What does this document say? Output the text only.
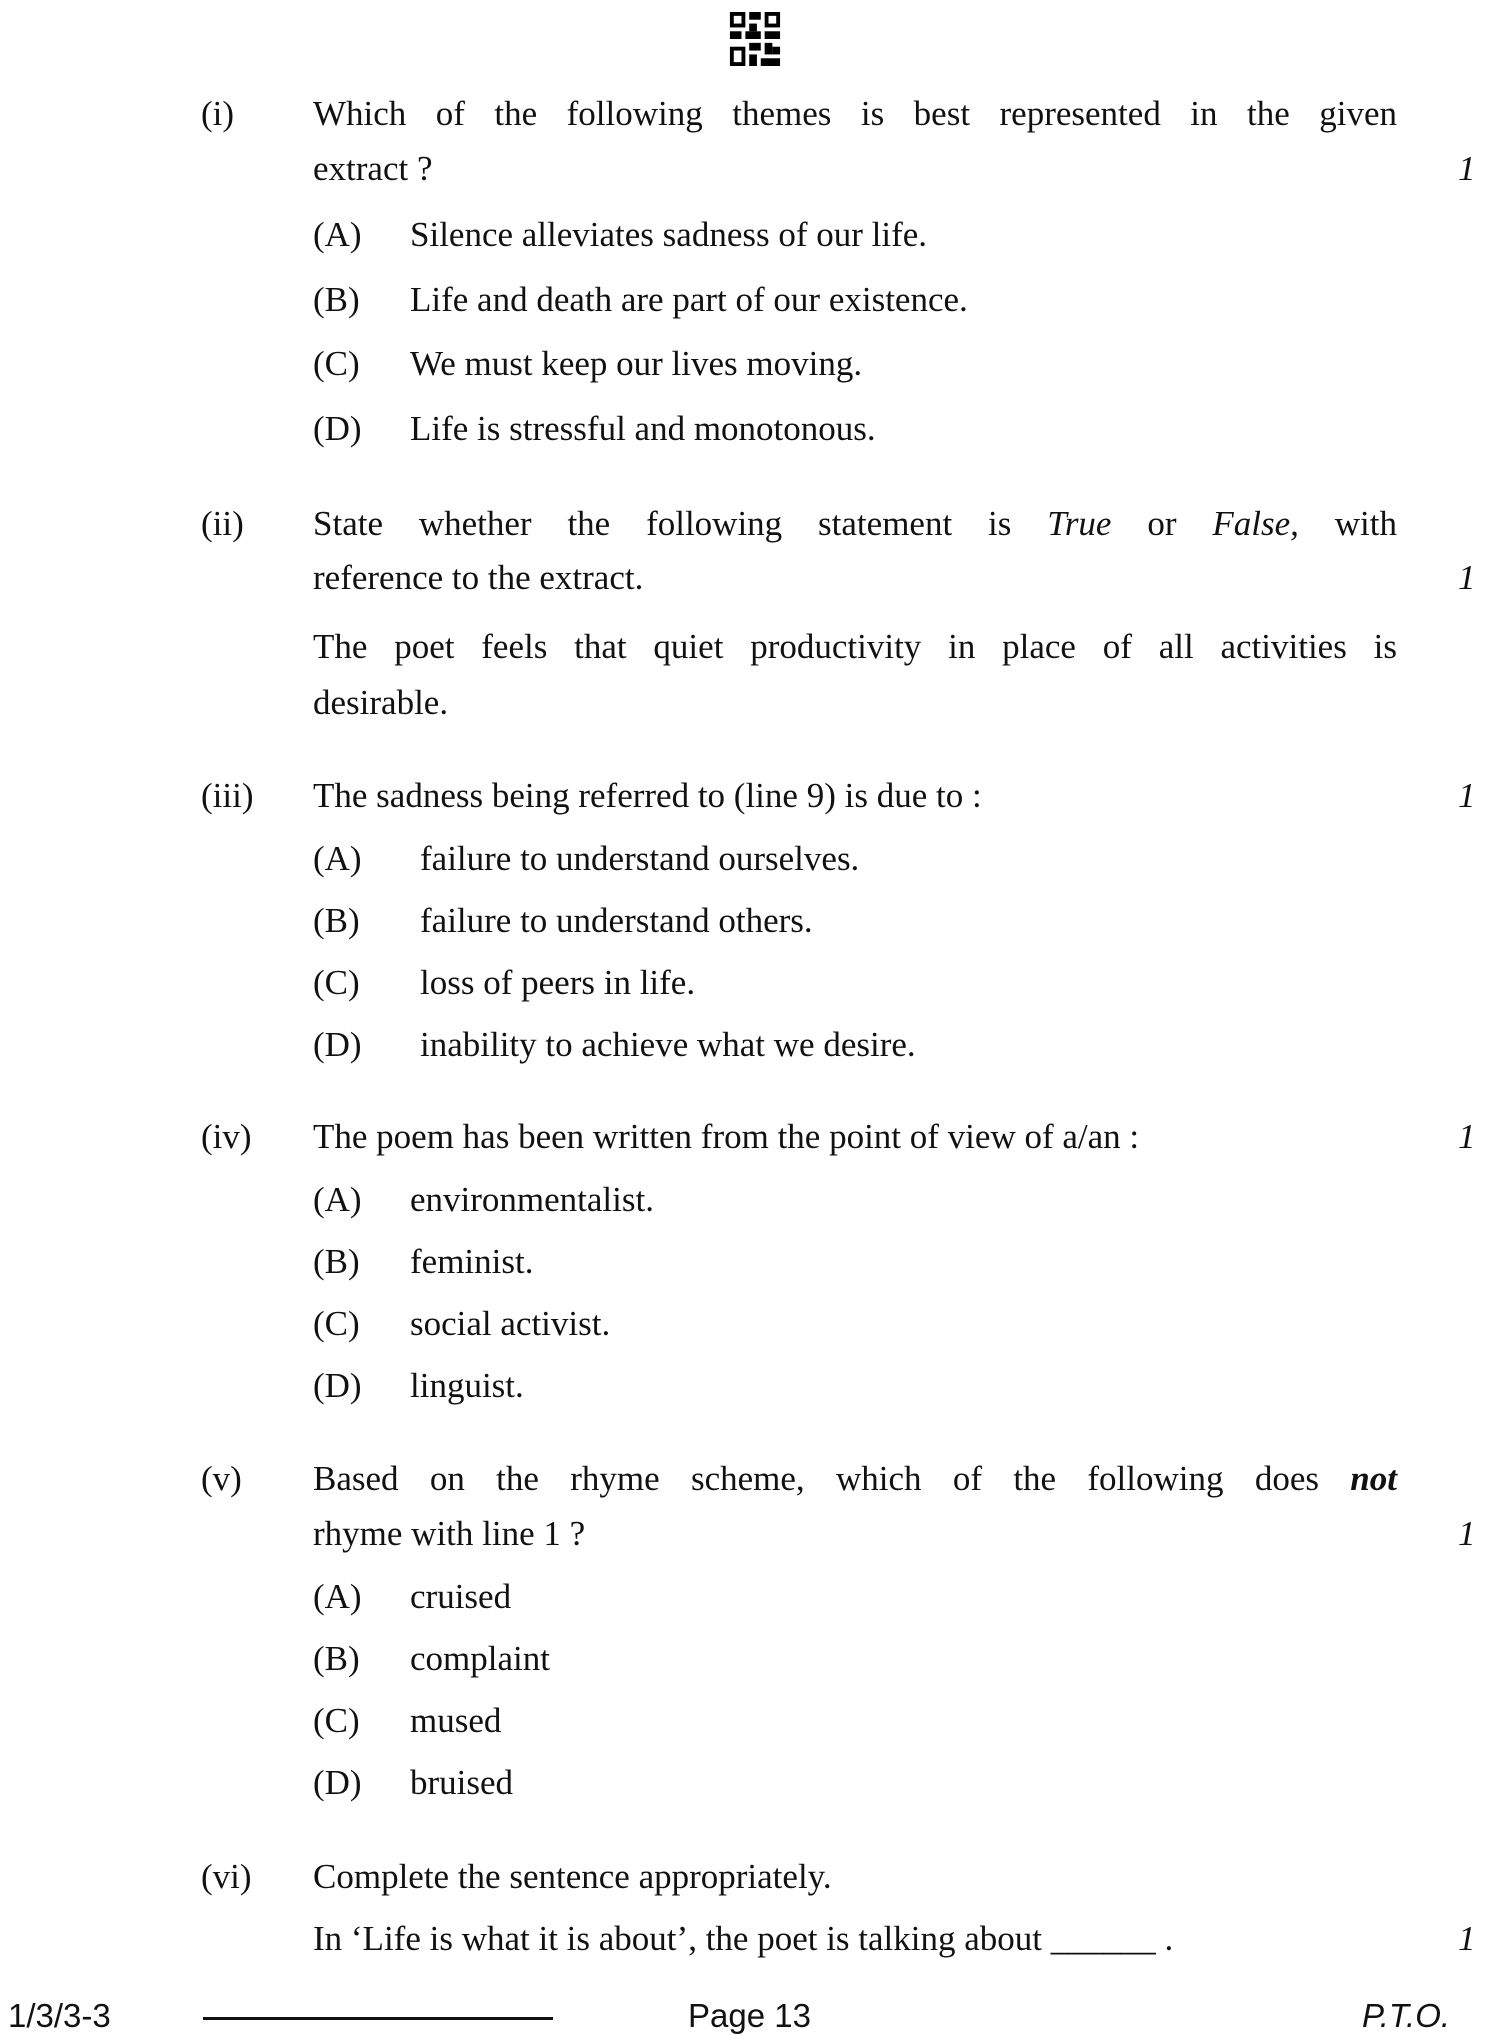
(i) Which of the following themes is best represented in the given
extract ?	1
(A) Silence alleviates sadness of our life.
(B) Life and death are part of our existence.
(C) We must keep our lives moving.
(D) Life is stressful and monotonous.
(ii) State whether the following statement is True or False, with
reference to the extract.	1
The poet feels that quiet productivity in place of all activities is
desirable.
(iii) The sadness being referred to (line 9) is due to :	1
(A) failure to understand ourselves.
(B) failure to understand others.
(C) loss of peers in life.
(D) inability to achieve what we desire.
(iv) The poem has been written from the point of view of a/an :	1
(A) environmentalist.
(B) feminist.
(C) social activist.
(D) linguist.
(v) Based on the rhyme scheme, which of the following does not
rhyme with line 1 ?	1
(A) cruised
(B) complaint
(C) mused
(D) bruised
(vi) Complete the sentence appropriately.
In ‘Life is what it is about’, the poet is talking about ______ .	1
1/3/3-3	Page 13	P.T.O.
